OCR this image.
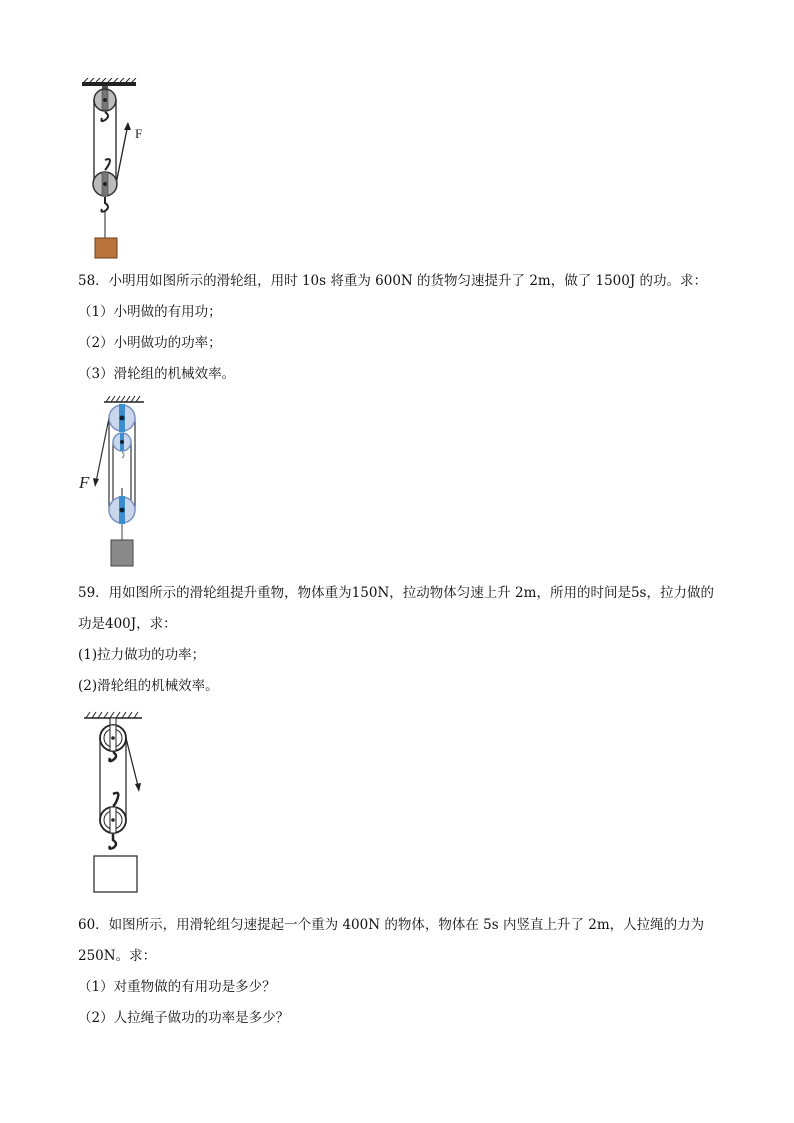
F
58．小明用如图所示的滑轮组，用时 10s 将重为 600N 的货物匀速提升了 2m，做了 1500J 的功。求：
（1）小明做的有用功；
（2）小明做功的功率；
（3）滑轮组的机械效率。
F
59．用如图所示的滑轮组提升重物，物体重为150N，拉动物体匀速上升 2m，所用的时间是5s，拉力做的
功是400J，求：
(1)拉力做功的功率；
(2)滑轮组的机械效率。
60．如图所示，用滑轮组匀速提起一个重为 400N 的物体，物体在 5s 内竖直上升了 2m，人拉绳的力为
250N。求：
（1）对重物做的有用功是多少？
（2）人拉绳子做功的功率是多少？
